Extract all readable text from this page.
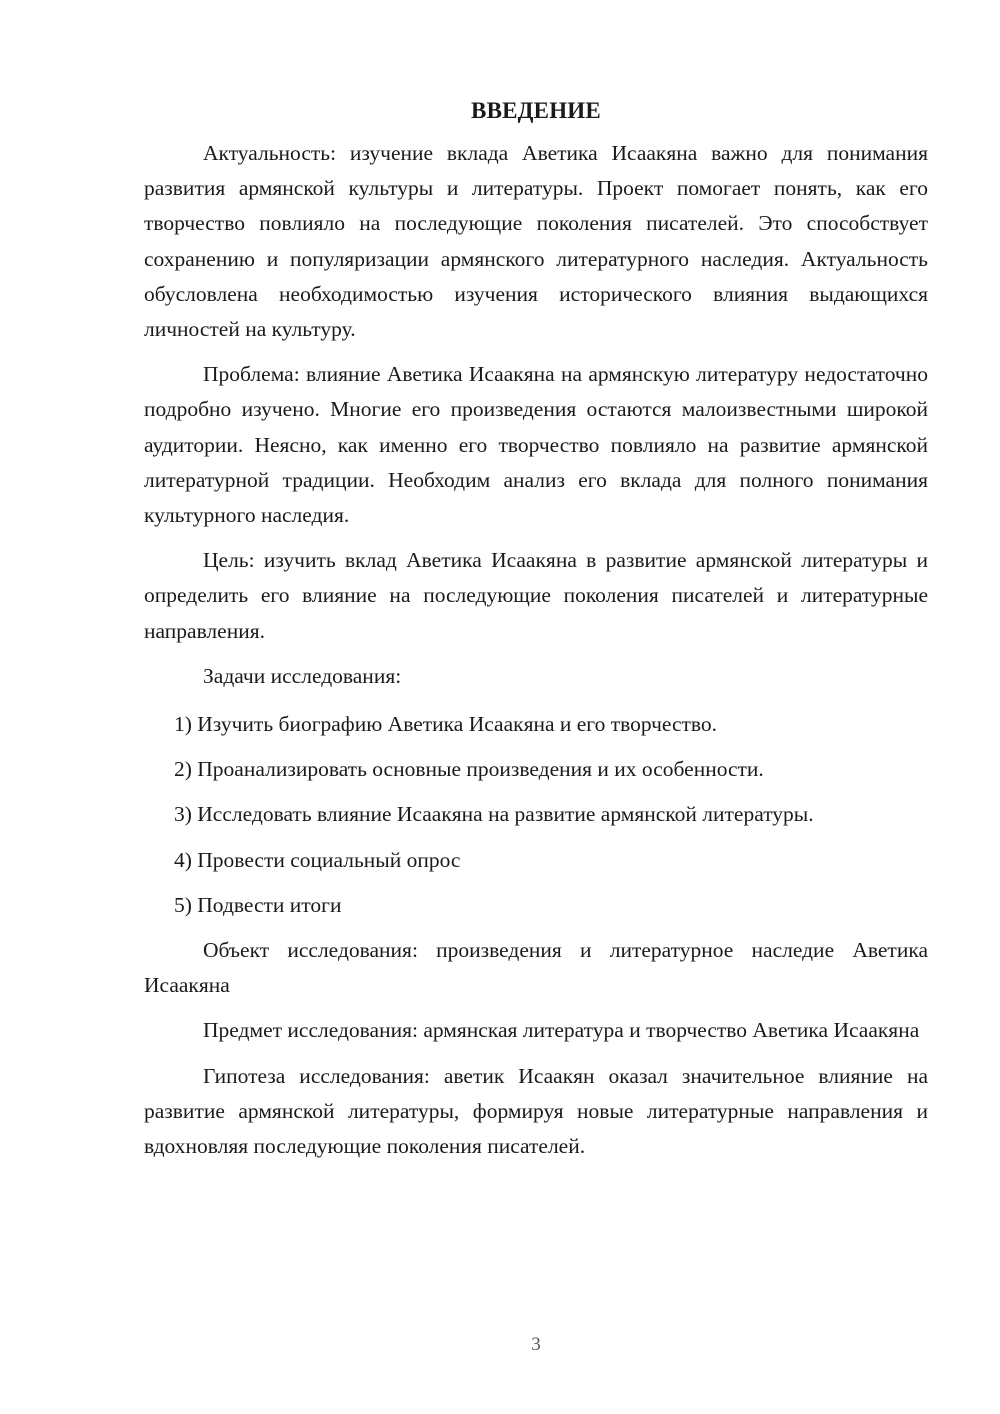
ВВЕДЕНИЕ

Актуальность: изучение вклада Аветика Исаакяна важно для понимания развития армянской культуры и литературы. Проект помогает понять, как его творчество повлияло на последующие поколения писателей. Это способствует сохранению и популяризации армянского литературного наследия. Актуальность обусловлена необходимостью изучения исторического влияния выдающихся личностей на культуру.

Проблема: влияние Аветика Исаакяна на армянскую литературу недостаточно подробно изучено. Многие его произведения остаются малоизвестными широкой аудитории. Неясно, как именно его творчество повлияло на развитие армянской литературной традиции. Необходим анализ его вклада для полного понимания культурного наследия.

Цель: изучить вклад Аветика Исаакяна в развитие армянской литературы и определить его влияние на последующие поколения писателей и литературные направления.

Задачи исследования:

1) Изучить биографию Аветика Исаакяна и его творчество.
2) Проанализировать основные произведения и их особенности.
3) Исследовать влияние Исаакяна на развитие армянской литературы.
4) Провести социальный опрос
5) Подвести итоги

Объект исследования: произведения и литературное наследие Аветика Исаакяна

Предмет исследования: армянская литература и творчество Аветика Исаакяна

Гипотеза исследования: аветик Исаакян оказал значительное влияние на развитие армянской литературы, формируя новые литературные направления и вдохновляя последующие поколения писателей.

3
